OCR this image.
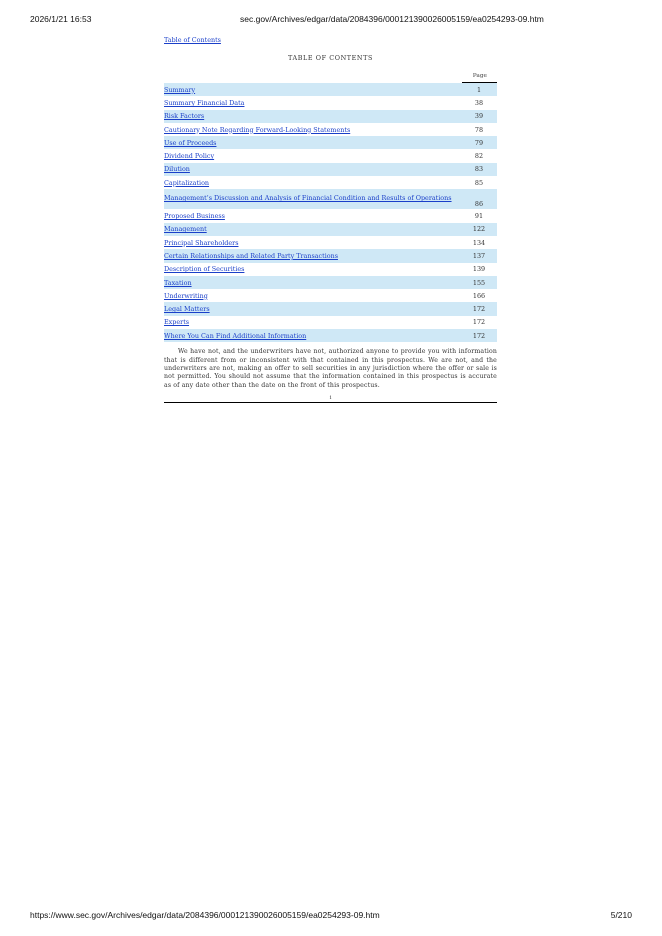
2026/1/21 16:53	sec.gov/Archives/edgar/data/2084396/000121390026005159/ea0254293-09.htm
Table of Contents
TABLE OF CONTENTS
Page
Summary	1
Summary Financial Data	38
Risk Factors	39
Cautionary Note Regarding Forward-Looking Statements	78
Use of Proceeds	79
Dividend Policy	82
Dilution	83
Capitalization	85

Management’s Discussion and Analysis of Financial Condition and Results of Operations	86
Proposed Business	91
Management	122
Principal Shareholders	134
Certain Relationships and Related Party Transactions	137
Description of Securities	139
Taxation	155
Underwriting	166
Legal Matters	172
Experts	172
Where You Can Find Additional Information	172
We have not, and the underwriters have not, authorized anyone to provide you with information that is different from or inconsistent with that contained in this prospectus. We are not, and the underwriters are not, making an offer to sell securities in any jurisdiction where the offer or sale is not permitted. You should not assume that the information contained in this prospectus is accurate as of any date other than the date on the front of this prospectus.
i
https://www.sec.gov/Archives/edgar/data/2084396/000121390026005159/ea0254293-09.htm	5/210
